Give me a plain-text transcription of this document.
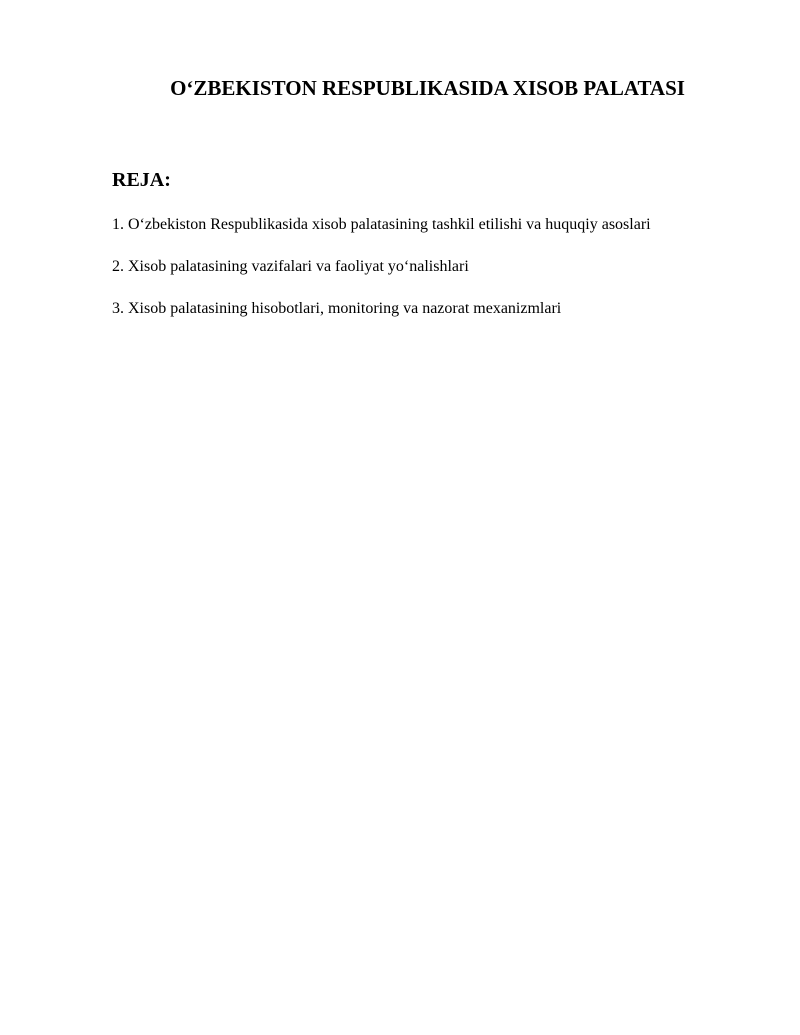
O‘ZBEKISTON RESPUBLIKASIDA XISOB PALATASI
REJA:
1. O‘zbekiston Respublikasida xisob palatasining tashkil etilishi va huquqiy asoslari
2. Xisob palatasining vazifalari va faoliyat yo‘nalishlari
3. Xisob palatasining hisobotlari, monitoring va nazorat mexanizmlari
